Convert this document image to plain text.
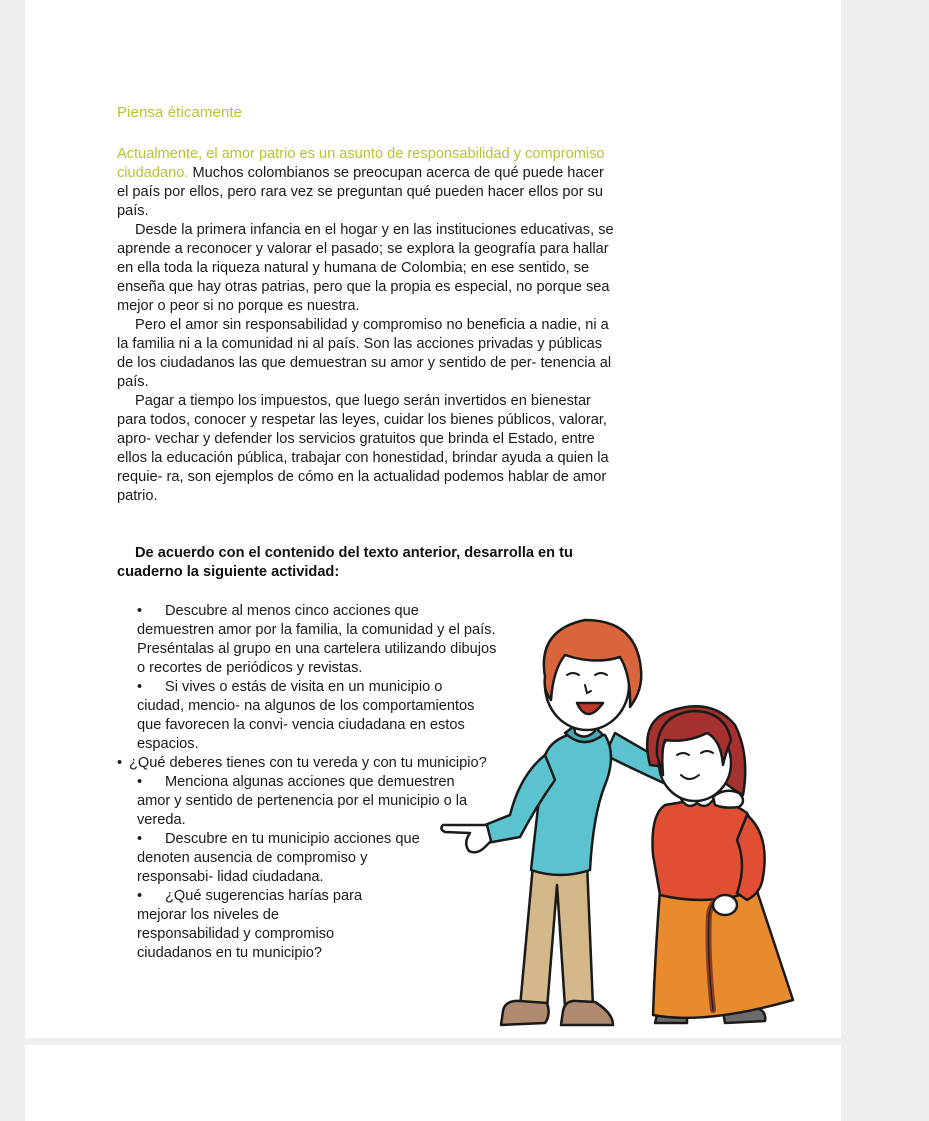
Piensa éticamente

Actualmente, el amor patrio es un asunto de responsabilidad y compromiso ciudadano. Muchos colombianos se preocupan acerca de qué puede hacer el país por ellos, pero rara vez se preguntan qué pueden hacer ellos por su país.

Desde la primera infancia en el hogar y en las instituciones educativas, se aprende a reconocer y valorar el pasado; se explora la geografía para hallar en ella toda la riqueza natural y humana de Colombia; en ese sentido, se enseña que hay otras patrias, pero que la propia es especial, no porque sea mejor o peor si no porque es nuestra.

Pero el amor sin responsabilidad y compromiso no beneficia a nadie, ni a la familia ni a la comunidad ni al país. Son las acciones privadas y públicas de los ciudadanos las que demuestran su amor y sentido de per- tenencia al país.

Pagar a tiempo los impuestos, que luego serán invertidos en bienestar para todos, conocer y respetar las leyes, cuidar los bienes públicos, valorar, apro- vechar y defender los servicios gratuitos que brinda el Estado, entre ellos la educación pública, trabajar con honestidad, brindar ayuda a quien la requie- ra, son ejemplos de cómo en la actualidad podemos hablar de amor patrio.

De acuerdo con el contenido del texto anterior, desarrolla en tu cuaderno la siguiente actividad:

• Descubre al menos cinco acciones que demuestren amor por la familia, la comunidad y el país. Preséntalas al grupo en una cartelera utilizando dibujos o recortes de periódicos y revistas.

• Si vives o estás de visita en un municipio o ciudad, mencio- na algunos de los comportamientos que favorecen la convi- vencia ciudadana en estos espacios.

• ¿Qué deberes tienes con tu vereda y con tu municipio?

• Menciona algunas acciones que demuestren amor y sentido de pertenencia por el municipio o la vereda.

• Descubre en tu municipio acciones que denoten ausencia de compromiso y responsabi- lidad ciudadana.

• ¿Qué sugerencias harías para mejorar los niveles de responsabilidad y compromiso ciudadanos en tu municipio?
